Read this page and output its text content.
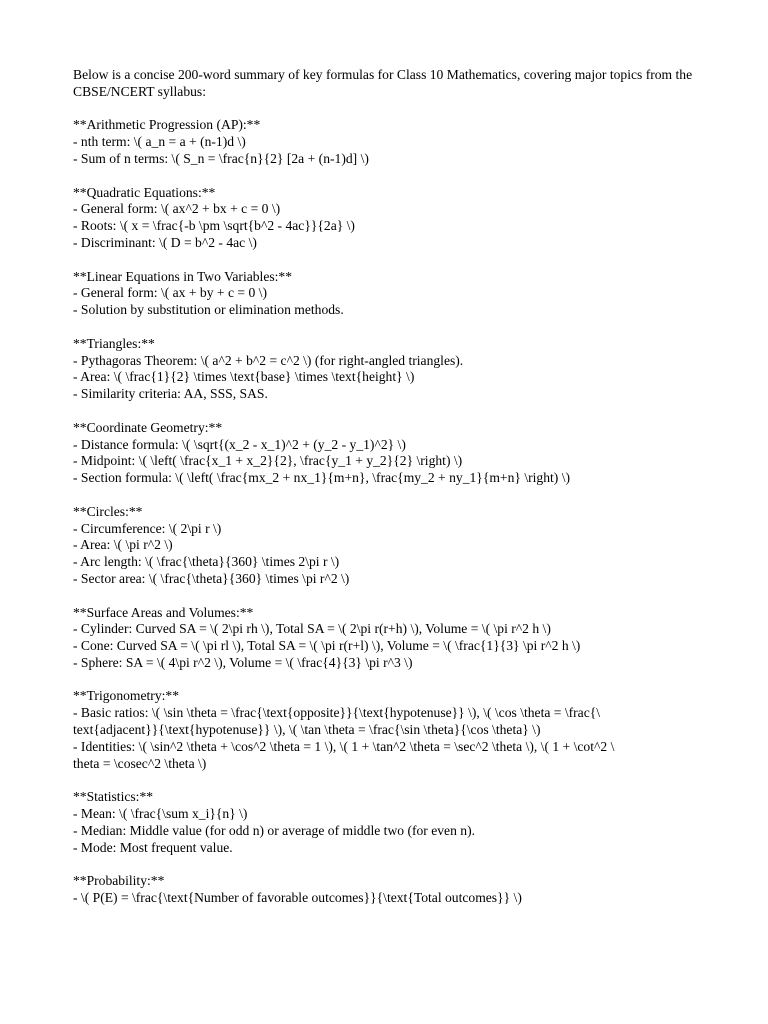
Below is a concise 200-word summary of key formulas for Class 10 Mathematics, covering major topics from the CBSE/NCERT syllabus:
**Arithmetic Progression (AP):**
- nth term: \( a_n = a + (n-1)d \)
- Sum of n terms: \( S_n = \frac{n}{2} [2a + (n-1)d] \)
**Quadratic Equations:**
- General form: \( ax^2 + bx + c = 0 \)
- Roots: \( x = \frac{-b \pm \sqrt{b^2 - 4ac}}{2a} \)
- Discriminant: \( D = b^2 - 4ac \)
**Linear Equations in Two Variables:**
- General form: \( ax + by + c = 0 \)
- Solution by substitution or elimination methods.
**Triangles:**
- Pythagoras Theorem: \( a^2 + b^2 = c^2 \) (for right-angled triangles).
- Area: \( \frac{1}{2} \times \text{base} \times \text{height} \)
- Similarity criteria: AA, SSS, SAS.
**Coordinate Geometry:**
- Distance formula: \( \sqrt{(x_2 - x_1)^2 + (y_2 - y_1)^2} \)
- Midpoint: \( \left( \frac{x_1 + x_2}{2}, \frac{y_1 + y_2}{2} \right) \)
- Section formula: \( \left( \frac{mx_2 + nx_1}{m+n}, \frac{my_2 + ny_1}{m+n} \right) \)
**Circles:**
- Circumference: \( 2\pi r \)
- Area: \( \pi r^2 \)
- Arc length: \( \frac{\theta}{360} \times 2\pi r \)
- Sector area: \( \frac{\theta}{360} \times \pi r^2 \)
**Surface Areas and Volumes:**
- Cylinder: Curved SA = \( 2\pi rh \), Total SA = \( 2\pi r(r+h) \), Volume = \( \pi r^2 h \)
- Cone: Curved SA = \( \pi rl \), Total SA = \( \pi r(r+l) \), Volume = \( \frac{1}{3} \pi r^2 h \)
- Sphere: SA = \( 4\pi r^2 \), Volume = \( \frac{4}{3} \pi r^3 \)
**Trigonometry:**
- Basic ratios: \( \sin \theta = \frac{\text{opposite}}{\text{hypotenuse}} \), \( \cos \theta = \frac{\
text{adjacent}}{\text{hypotenuse}} \), \( \tan \theta = \frac{\sin \theta}{\cos \theta} \)
- Identities: \( \sin^2 \theta + \cos^2 \theta = 1 \), \( 1 + \tan^2 \theta = \sec^2 \theta \), \( 1 + \cot^2 \
theta = \cosec^2 \theta \)
**Statistics:**
- Mean: \( \frac{\sum x_i}{n} \)
- Median: Middle value (for odd n) or average of middle two (for even n).
- Mode: Most frequent value.
**Probability:**
- \( P(E) = \frac{\text{Number of favorable outcomes}}{\text{Total outcomes}} \)
